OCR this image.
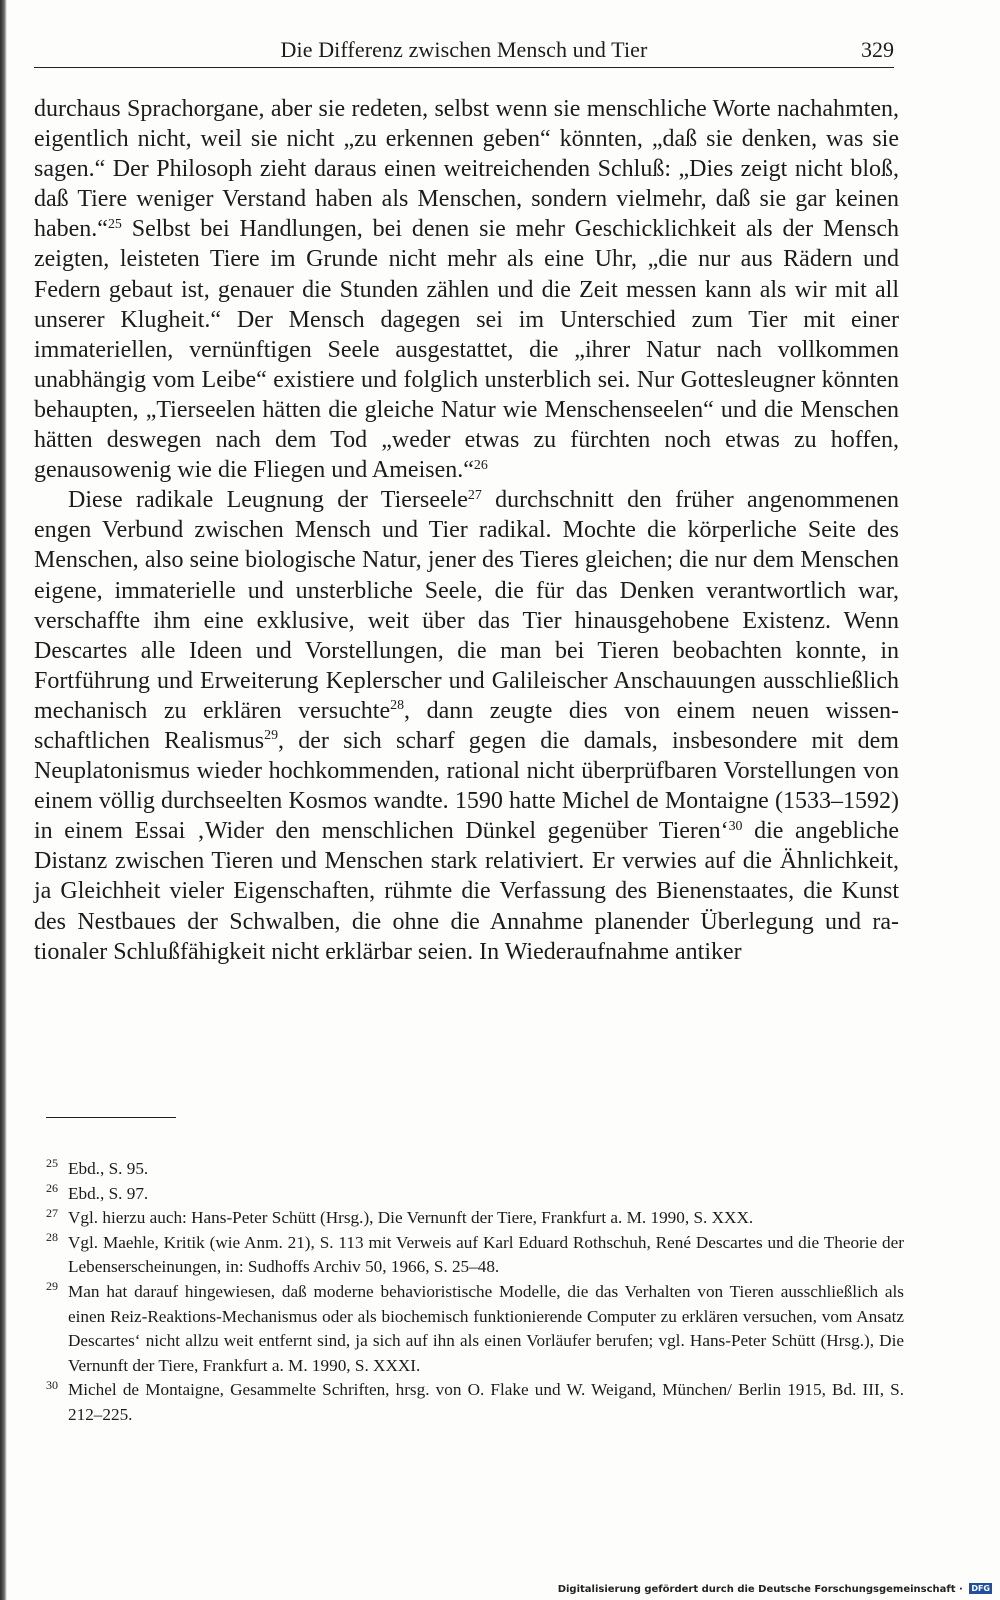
Die Differenz zwischen Mensch und Tier	329

durchaus Sprachorgane, aber sie redeten, selbst wenn sie menschliche Worte nachahmten, eigentlich nicht, weil sie nicht „zu erkennen geben“ könnten, „daß sie denken, was sie sagen.“ Der Philosoph zieht daraus einen weitreichenden Schluß: „Dies zeigt nicht bloß, daß Tiere weniger Verstand haben als Menschen, sondern vielmehr, daß sie gar keinen haben.“$^{25}$ Selbst bei Handlungen, bei denen sie mehr Geschicklichkeit als der Mensch zeigten, leisteten Tiere im Grunde nicht mehr als eine Uhr, „die nur aus Rädern und Federn gebaut ist, genauer die Stunden zählen und die Zeit messen kann als wir mit all unserer Klugheit.“ Der Mensch dagegen sei im Unterschied zum Tier mit einer immateriellen, vernünftigen Seele ausgestattet, die „ihrer Natur nach vollkommen unabhängig vom Leibe“ existiere und folglich unsterblich sei. Nur Gottesleugner könnten behaupten, „Tierseelen hätten die gleiche Natur wie Menschenseelen“ und die Menschen hätten deswegen nach dem Tod „weder etwas zu fürchten noch etwas zu hoffen, genausowenig wie die Fliegen und Ameisen.“$^{26}$

Diese radikale Leugnung der Tierseele$^{27}$ durchschnitt den früher angenommenen engen Verbund zwischen Mensch und Tier radikal. Mochte die körperliche Seite des Menschen, also seine biologische Natur, jener des Tieres gleichen; die nur dem Menschen eigene, immaterielle und unsterbliche Seele, die für das Denken verantwortlich war, verschaffte ihm eine exklusive, weit über das Tier hinausgehobene Existenz. Wenn Descartes alle Ideen und Vorstellungen, die man bei Tieren beobachten konnte, in Fortführung und Erweiterung Keplerscher und Galileischer Anschauungen ausschließlich mechanisch zu erklären versuchte$^{28}$, dann zeugte dies von einem neuen wissenschaftlichen Realismus$^{29}$, der sich scharf gegen die damals, insbesondere mit dem Neuplatonismus wieder hochkommenden, rational nicht überprüfbaren Vorstellungen von einem völlig durchseelten Kosmos wandte. 1590 hatte Michel de Montaigne (1533–1592) in einem Essai ‚Wider den menschlichen Dünkel gegenüber Tieren‘$^{30}$ die angebliche Distanz zwischen Tieren und Menschen stark relativiert. Er verwies auf die Ähnlichkeit, ja Gleichheit vieler Eigenschaften, rühmte die Verfassung des Bienenstaates, die Kunst des Nestbaues der Schwalben, die ohne die Annahme planender Überlegung und rationaler Schlußfähigkeit nicht erklärbar seien. In Wiederaufnahme antiker

$^{25}$ Ebd., S. 95.

$^{26}$ Ebd., S. 97.

$^{27}$ Vgl. hierzu auch: Hans-Peter Schütt (Hrsg.), Die Vernunft der Tiere, Frankfurt a. M. 1990, S. XXX.

$^{28}$ Vgl. Maehle, Kritik (wie Anm. 21), S. 113 mit Verweis auf Karl Eduard Rothschuh, René Descartes und die Theorie der Lebenserscheinungen, in: Sudhoffs Archiv 50, 1966, S. 25–48.

$^{29}$ Man hat darauf hingewiesen, daß moderne behavioristische Modelle, die das Verhalten von Tieren ausschließlich als einen Reiz-Reaktions-Mechanismus oder als biochemisch funktionierende Computer zu erklären versuchen, vom Ansatz Descartes‘ nicht allzu weit entfernt sind, ja sich auf ihn als einen Vorläufer berufen; vgl. Hans-Peter Schütt (Hrsg.), Die Vernunft der Tiere, Frankfurt a. M. 1990, S. XXXI.

$^{30}$ Michel de Montaigne, Gesammelte Schriften, hrsg. von O. Flake und W. Weigand, München/ Berlin 1915, Bd. III, S. 212–225.

Digitalisierung gefördert durch die Deutsche Forschungsgemeinschaft · DFG
